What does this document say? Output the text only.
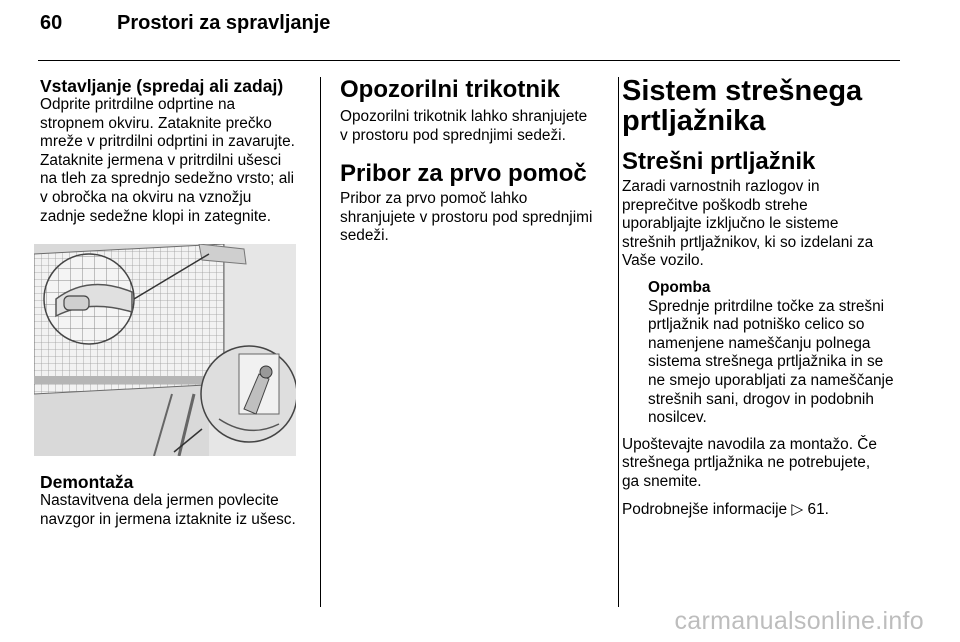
60	Prostori za spravljanje
Vstavljanje (spredaj ali zadaj)

Odprite pritrdilne odprtine na

stropnem okviru. Zataknite prečko

mreže v pritrdilni odprtini in zavarujte.

Zataknite jermena v pritrdilni ušesci

na tleh za sprednjo sedežno vrsto; ali

v obročka na okviru na vznožju

zadnje sedežne klopi in zategnite.

Demontaža

Nastavitvena dela jermen povlecite

navzgor in jermena iztaknite iz ušesc.

Opozorilni trikotnik

Opozorilni trikotnik lahko shranjujete

v prostoru pod sprednjimi sedeži.

Pribor za prvo pomoč

Pribor za prvo pomoč lahko

shranjujete v prostoru pod sprednjimi

sedeži.

Sistem strešnega
prtljažnika
Strešni prtljažnik

Zaradi varnostnih razlogov in

preprečitve poškodb strehe

uporabljajte izključno le sisteme

strešnih prtljažnikov, ki so izdelani za

Vaše vozilo.

Opomba

Sprednje pritrdilne točke za strešni

prtljažnik nad potniško celico so

namenjene nameščanju polnega

sistema strešnega prtljažnika in se

ne smejo uporabljati za nameščanje

strešnih sani, drogov in podobnih

nosilcev.

Upoštevajte navodila za montažo. Če

strešnega prtljažnika ne potrebujete,

ga snemite.

Podrobnejše informacije ▷ 61.

carmanualsonline.info
